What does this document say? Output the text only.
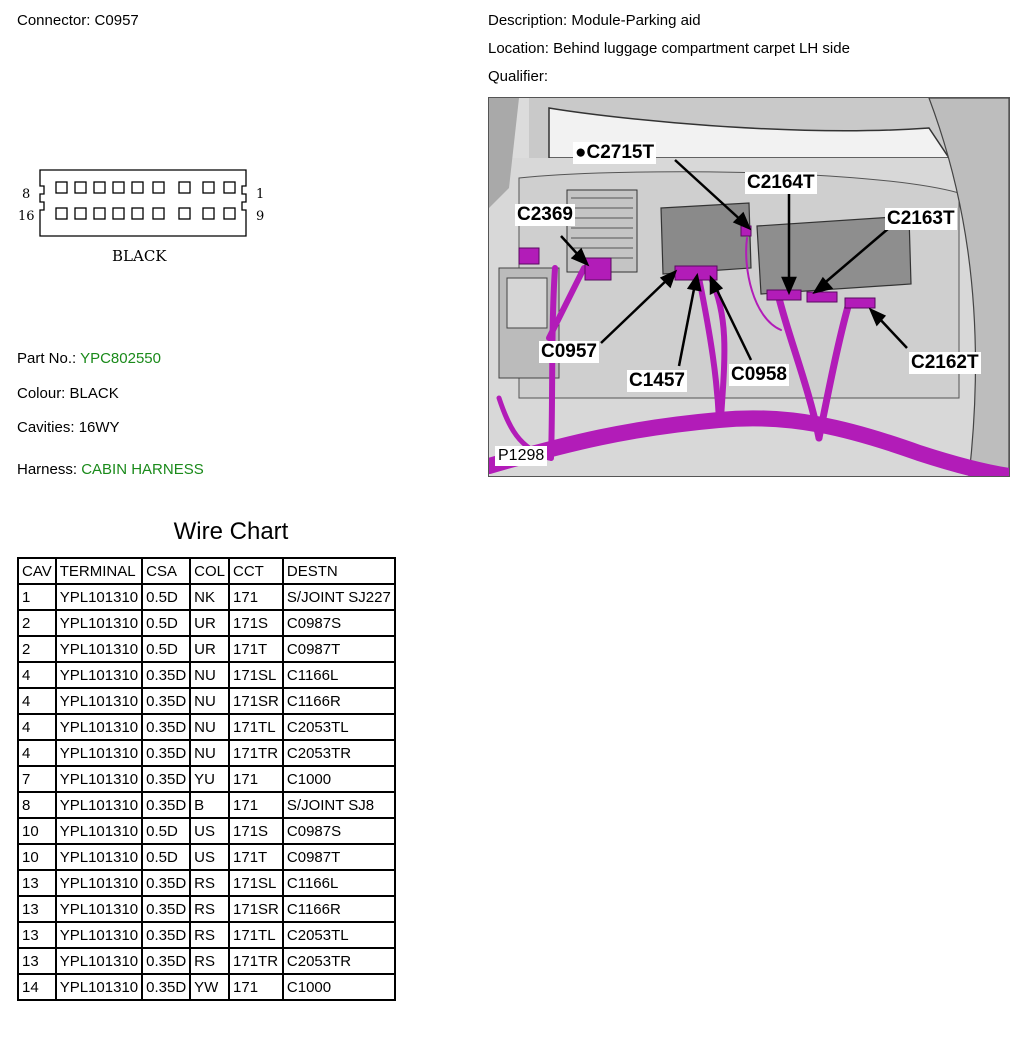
Connector: C0957	Description: Module-Parking aid
Location: Behind luggage compartment carpet LH side
Qualifier:
8	1
16	9
BLACK
Part No.: YPC802550
Colour: BLACK
Cavities: 16WY
Harness: CABIN HARNESS
●C2715T
C2164T
C2369	C2163T
C0957
C1457 C0958
C2162T
P1298
Wire Chart
CAV	TERMINAL	CSA	COL	CCT	DESTN
1	YPL101310	0.5D	NK	171	S/JOINT SJ227
2	YPL101310	0.5D	UR	171S	C0987S
2	YPL101310	0.5D	UR	171T	C0987T
4	YPL101310	0.35D	NU	171SL	C1166L
4	YPL101310	0.35D	NU	171SR	C1166R
4	YPL101310	0.35D	NU	171TL	C2053TL
4	YPL101310	0.35D	NU	171TR	C2053TR
7	YPL101310	0.35D	YU	171	C1000
8	YPL101310	0.35D	B	171	S/JOINT SJ8
10	YPL101310	0.5D	US	171S	C0987S
10	YPL101310	0.5D	US	171T	C0987T
13	YPL101310	0.35D	RS	171SL	C1166L
13	YPL101310	0.35D	RS	171SR	C1166R
13	YPL101310	0.35D	RS	171TL	C2053TL
13	YPL101310	0.35D	RS	171TR	C2053TR
14	YPL101310	0.35D	YW	171	C1000
